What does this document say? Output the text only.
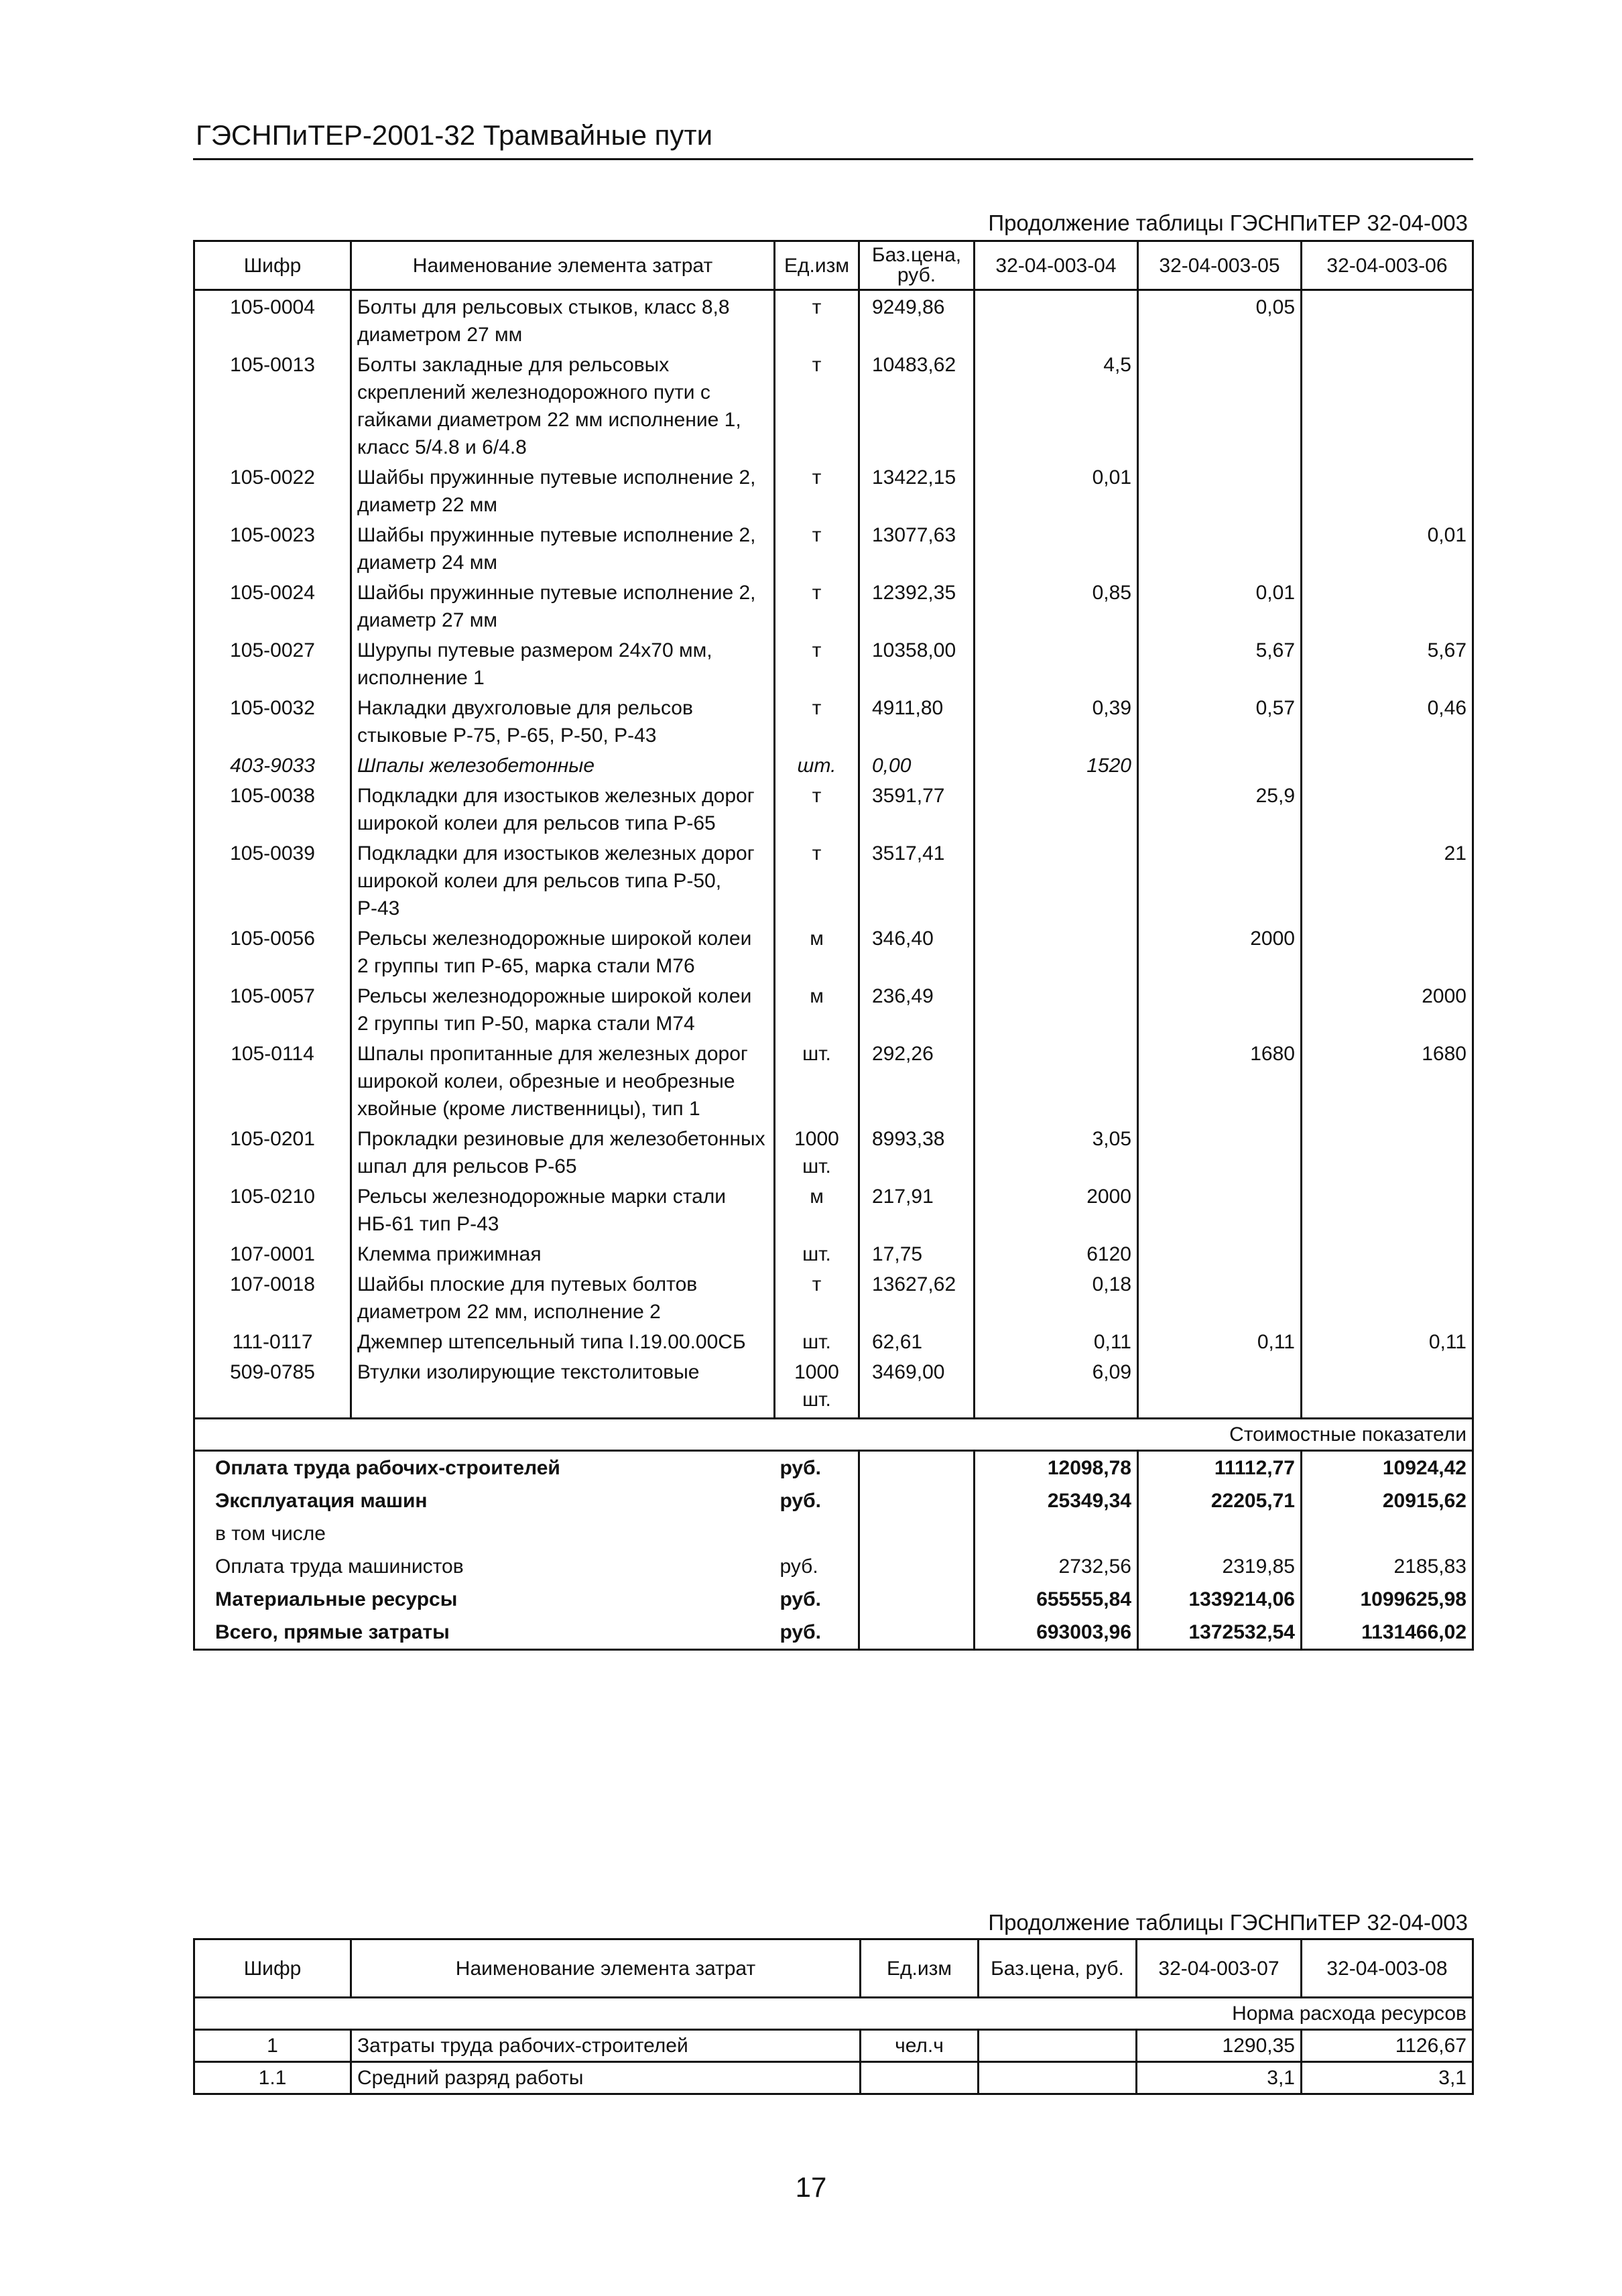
ГЭСНПиТЕР-2001-32 Трамвайные пути
Продолжение таблицы ГЭСНПиТЕР 32-04-003
Шифр	Наименование элемента затрат	Ед.изм	Баз.цена, руб.	32-04-003-04	32-04-003-05	32-04-003-06
105-0004	Болты для рельсовых стыков, класс 8,8 диаметром 27 мм	т	9249,86		0,05	
105-0013	Болты закладные для рельсовых скреплений железнодорожного пути с гайками диаметром 22 мм исполнение 1, класс 5/4.8 и 6/4.8	т	10483,62	4,5		
105-0022	Шайбы пружинные путевые исполнение 2, диаметр 22 мм	т	13422,15	0,01		
105-0023	Шайбы пружинные путевые исполнение 2, диаметр 24 мм	т	13077,63			0,01
105-0024	Шайбы пружинные путевые исполнение 2, диаметр 27 мм	т	12392,35	0,85	0,01	
105-0027	Шурупы путевые размером 24х70 мм, исполнение 1	т	10358,00		5,67	5,67
105-0032	Накладки двухголовые для рельсов стыковые Р-75, Р-65, Р-50, Р-43	т	4911,80	0,39	0,57	0,46
403-9033	Шпалы железобетонные	шт.	0,00	1520		
105-0038	Подкладки для изостыков железных дорог широкой колеи для рельсов типа Р-65	т	3591,77		25,9	
105-0039	Подкладки для изостыков железных дорог широкой колеи для рельсов типа Р-50, Р-43	т	3517,41			21
105-0056	Рельсы железнодорожные широкой колеи 2 группы тип Р-65, марка стали М76	м	346,40		2000	
105-0057	Рельсы железнодорожные широкой колеи 2 группы тип Р-50, марка стали М74	м	236,49			2000
105-0114	Шпалы пропитанные для железных дорог широкой колеи, обрезные и необрезные хвойные (кроме лиственницы), тип 1	шт.	292,26		1680	1680
105-0201	Прокладки резиновые для железобетонных шпал для рельсов Р-65	1000 шт.	8993,38	3,05		
105-0210	Рельсы железнодорожные марки стали НБ-61 тип Р-43	м	217,91	2000		
107-0001	Клемма прижимная	шт.	17,75	6120		
107-0018	Шайбы плоские для путевых болтов диаметром 22 мм, исполнение 2	т	13627,62	0,18		
111-0117	Джемпер штепсельный типа I.19.00.00СБ	шт.	62,61	0,11	0,11	0,11
509-0785	Втулки изолирующие текстолитовые	1000 шт.	3469,00	6,09		

Стоимостные показатели						
Оплата труда рабочих-строителей		руб.		12098,78	11112,77	10924,42
Эксплуатация машин		руб.		25349,34	22205,71	20915,62
в том числе						
Оплата труда машинистов		руб.		2732,56	2319,85	2185,83
Материальные ресурсы		руб.		655555,84	1339214,06	1099625,98
Всего, прямые затраты		руб.		693003,96	1372532,54	1131466,02
Продолжение таблицы ГЭСНПиТЕР 32-04-003
Шифр	Наименование элемента затрат	Ед.изм	Баз.цена, руб.	32-04-003-07	32-04-003-08
Норма расхода ресурсов					
1	Затраты труда рабочих-строителей	чел.ч		1290,35	1126,67
1.1	Средний разряд работы			3,1	3,1
17
